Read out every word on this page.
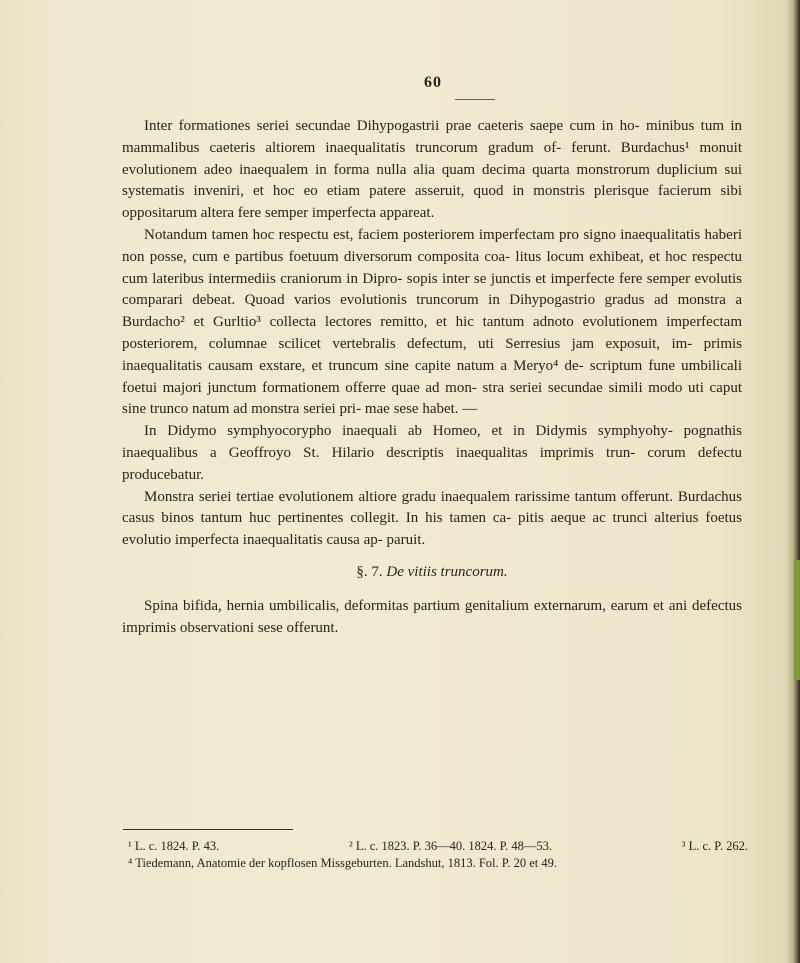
60

Inter formationes seriei secundae Dihypogastrii prae caeteris saepe cum in ho- minibus tum in mammalibus caeteris altiorem inaequalitatis truncorum gradum of- ferunt. Burdachus¹ monuit evolutionem adeo inaequalem in forma nulla alia quam decima quarta monstrorum duplicium sui systematis inveniri, et hoc eo etiam patere asseruit, quod in monstris plerisque facierum sibi oppositarum altera fere semper imperfecta appareat.

Notandum tamen hoc respectu est, faciem posteriorem imperfectam pro signo inaequalitatis haberi non posse, cum e partibus foetuum diversorum composita coa- litus locum exhibeat, et hoc respectu cum lateribus intermediis craniorum in Dipro- sopis inter se junctis et imperfecte fere semper evolutis comparari debeat. Quoad varios evolutionis truncorum in Dihypogastrio gradus ad monstra a Burdacho² et Gurltio³ collecta lectores remitto, et hic tantum adnoto evolutionem imperfectam posteriorem, columnae scilicet vertebralis defectum, uti Serresius jam exposuit, im- primis inaequalitatis causam exstare, et truncum sine capite natum a Meryo⁴ de- scriptum fune umbilicali foetui majori junctum formationem offerre quae ad mon- stra seriei secundae simili modo uti caput sine trunco natum ad monstra seriei pri- mae sese habet. —

In Didymo symphyocorypho inaequali ab Homeo, et in Didymis symphyohy- pognathis inaequalibus a Geoffroyo St. Hilario descriptis inaequalitas imprimis trun- corum defectu producebatur.

Monstra seriei tertiae evolutionem altiore gradu inaequalem rarissime tantum offerunt. Burdachus casus binos tantum huc pertinentes collegit. In his tamen ca- pitis aeque ac trunci alterius foetus evolutio imperfecta inaequalitatis causa ap- paruit.

§. 7. De vitiis truncorum.

Spina bifida, hernia umbilicalis, deformitas partium genitalium externarum, earum et ani defectus imprimis observationi sese offerunt.

¹ L. c. 1824. P. 43.	² L. c. 1823. P. 36—40. 1824. P. 48—53.	³ L. c. P. 262.
⁴ Tiedemann, Anatomie der kopflosen Missgeburten. Landshut, 1813. Fol. P. 20 et 49.
